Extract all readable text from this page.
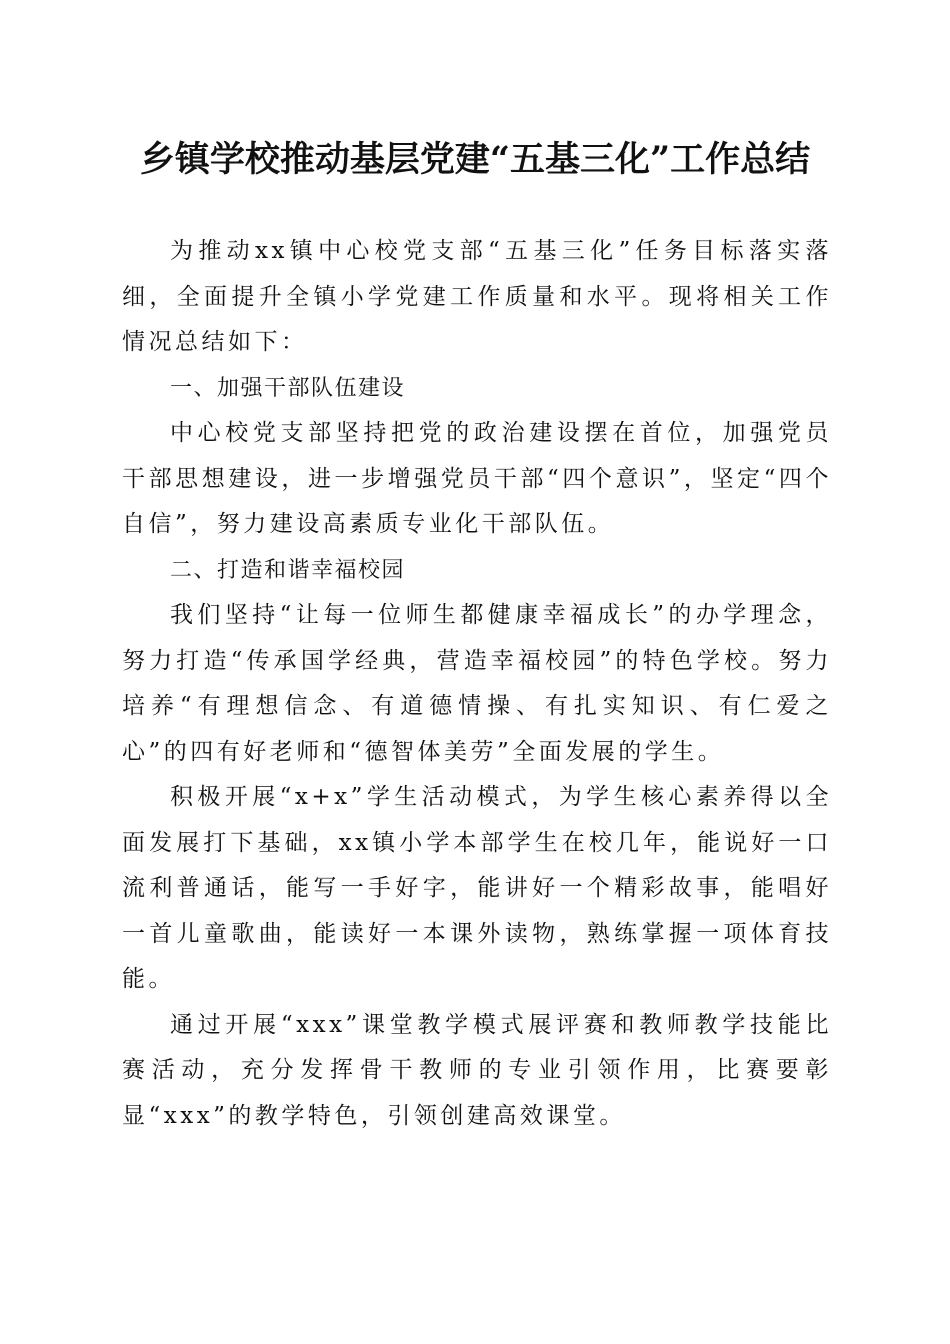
乡镇学校推动基层党建“五基三化”工作总结

为推动xx镇中心校党支部“五基三化”任务目标落实落细，全面提升全镇小学党建工作质量和水平。现将相关工作情况总结如下：

一、加强干部队伍建设

中心校党支部坚持把党的政治建设摆在首位，加强党员干部思想建设，进一步增强党员干部“四个意识”，坚定“四个自信”，努力建设高素质专业化干部队伍。

二、打造和谐幸福校园

我们坚持“让每一位师生都健康幸福成长”的办学理念，努力打造“传承国学经典，营造幸福校园”的特色学校。努力培养“有理想信念、有道德情操、有扎实知识、有仁爱之心”的四有好老师和“德智体美劳”全面发展的学生。

积极开展“x+x”学生活动模式，为学生核心素养得以全面发展打下基础，xx镇小学本部学生在校几年，能说好一口流利普通话，能写一手好字，能讲好一个精彩故事，能唱好一首儿童歌曲，能读好一本课外读物，熟练掌握一项体育技能。

通过开展“xxx”课堂教学模式展评赛和教师教学技能比赛活动，充分发挥骨干教师的专业引领作用，比赛要彰显“xxx”的教学特色，引领创建高效课堂。
